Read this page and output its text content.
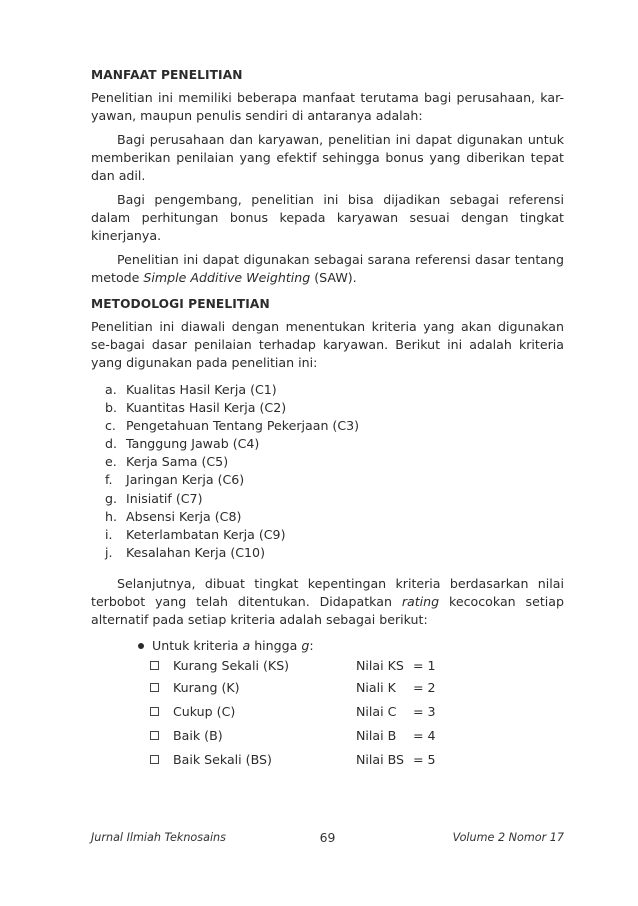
MANFAAT PENELITIAN

Penelitian ini memiliki beberapa manfaat terutama bagi perusahaan, kar-yawan, maupun penulis sendiri di antaranya adalah:

Bagi perusahaan dan karyawan, penelitian ini dapat digunakan untuk memberikan penilaian yang efektif sehingga bonus yang diberikan tepat dan adil.

Bagi pengembang, penelitian ini bisa dijadikan sebagai referensi dalam perhitungan bonus kepada karyawan sesuai dengan tingkat kinerjanya.

Penelitian ini dapat digunakan sebagai sarana referensi dasar tentang metode Simple Additive Weighting (SAW).

METODOLOGI PENELITIAN

Penelitian ini diawali dengan menentukan kriteria yang akan digunakan se-bagai dasar penilaian terhadap karyawan. Berikut ini adalah kriteria yang digunakan pada penelitian ini:

a. Kualitas Hasil Kerja (C1)
b. Kuantitas Hasil Kerja (C2)
c. Pengetahuan Tentang Pekerjaan (C3)
d. Tanggung Jawab (C4)
e. Kerja Sama (C5)
f.	Jaringan Kerja (C6)
g. Inisiatif (C7)
h. Absensi Kerja (C8)
i.	Keterlambatan Kerja (C9)
j.	Kesalahan Kerja (C10)

Selanjutnya, dibuat tingkat kepentingan kriteria berdasarkan nilai terbobot yang telah ditentukan. Didapatkan rating kecocokan setiap alternatif pada setiap kriteria adalah sebagai berikut:

Untuk kriteria a hingga g:
Kurang Sekali (KS)	Nilai KS = 1
Kurang (K)	Niali K	= 2
Cukup (C)	Nilai C	= 3
Baik (B)	Nilai B	= 4
Baik Sekali (BS)	Nilai BS = 5
Jurnal Ilmiah Teknosains	69	Volume 2 Nomor 17
